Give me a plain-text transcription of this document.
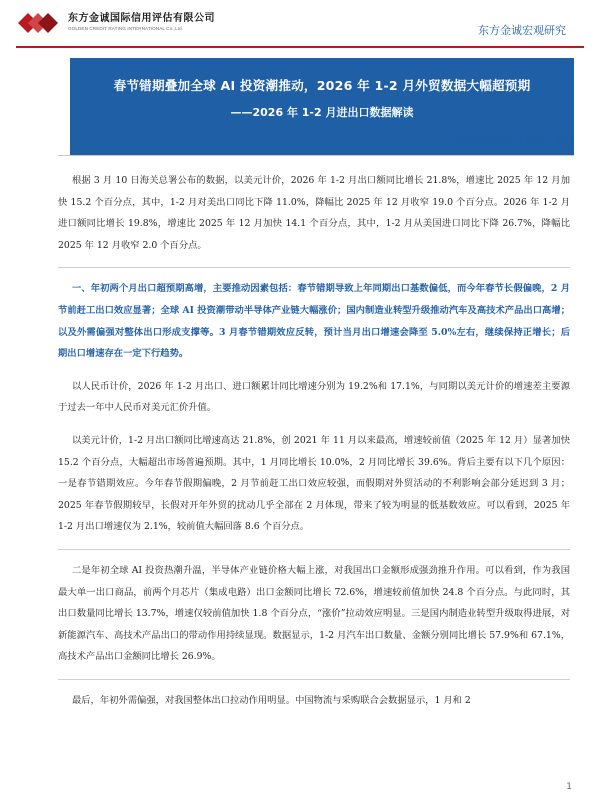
东方金诚国际信用评估有限公司
GOLDEN CREDIT RATING INTERNATIONAL Co.,Ltd.	东方金诚宏观研究
春节错期叠加全球 AI 投资潮推动，2026 年 1-2 月外贸数据大幅超预期
——2026 年 1-2 月进出口数据解读
研究发展部执行总监　冯琳

根据 3 月 10 日海关总署公布的数据，以美元计价，2026 年 1-2 月出口额同比增长 21.8%，增速比 2025 年 12 月加快 15.2 个百分点，其中，1-2 月对美出口同比下降 11.0%，降幅比 2025 年 12 月收窄 19.0 个百分点。2026 年 1-2 月进口额同比增长 19.8%，增速比 2025 年 12 月加快 14.1 个百分点，其中，1-2 月从美国进口同比下降 26.7%，降幅比 2025 年 12 月收窄 2.0 个百分点。

一、年初两个月出口超预期高增，主要推动因素包括：春节错期导致上年同期出口基数偏低，而今年春节长假偏晚，2 月节前赶工出口效应显著；全球 AI 投资潮带动半导体产业链大幅涨价；国内制造业转型升级推动汽车及高技术产品出口高增；以及外需偏强对整体出口形成支撑等。3 月春节错期效应反转，预计当月出口增速会降至 5.0%左右，继续保持正增长；后期出口增速存在一定下行趋势。

以人民币计价，2026 年 1-2 月出口、进口额累计同比增速分别为 19.2%和 17.1%，与同期以美元计价的增速差主要源于过去一年中人民币对美元汇价升值。

以美元计价，1-2 月出口额同比增速高达 21.8%，创 2021 年 11 月以来最高，增速较前值（2025 年 12 月）显著加快 15.2 个百分点，大幅超出市场普遍预期。其中，1 月同比增长 10.0%，2 月同比增长 39.6%。背后主要有以下几个原因：一是春节错期效应。今年春节假期偏晚，2 月节前赶工出口效应较强，而假期对外贸活动的不利影响会部分延迟到 3 月；2025 年春节假期较早，长假对开年外贸的扰动几乎全部在 2 月体现，带来了较为明显的低基数效应。可以看到，2025 年 1-2 月出口增速仅为 2.1%，较前值大幅回落 8.6 个百分点。

二是年初全球 AI 投资热潮升温，半导体产业链价格大幅上涨，对我国出口金额形成强劲推升作用。可以看到，作为我国最大单一出口商品，前两个月芯片（集成电路）出口金额同比增长 72.6%，增速较前值加快 24.8 个百分点。与此同时，其出口数量同比增长 13.7%，增速仅较前值加快 1.8 个百分点，“涨价”拉动效应明显。三是国内制造业转型升级取得进展，对新能源汽车、高技术产品出口的带动作用持续显现。数据显示，1-2 月汽车出口数量、金额分别同比增长 57.9%和 67.1%，高技术产品出口金额同比增长 26.9%。

最后，年初外需偏强，对我国整体出口拉动作用明显。中国物流与采购联合会数据显示，1 月和 2

1
